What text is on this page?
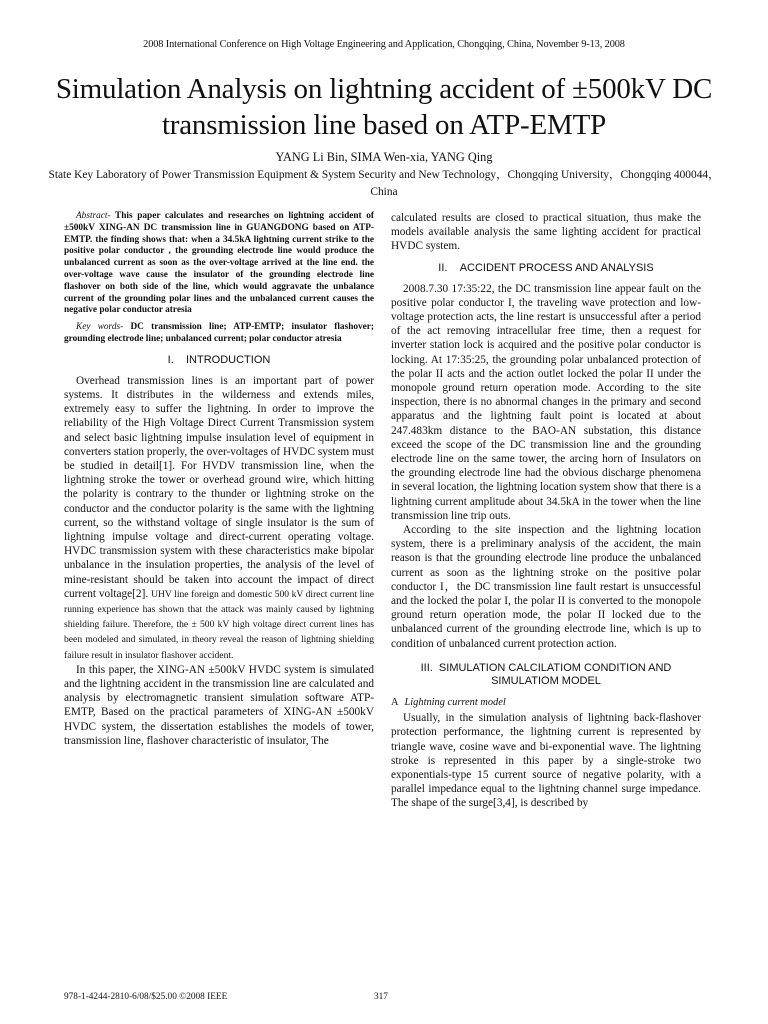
2008 International Conference on High Voltage Engineering and Application, Chongqing, China, November 9-13, 2008
Simulation Analysis on lightning accident of ±500kV DC transmission line based on ATP-EMTP
YANG Li Bin, SIMA Wen-xia, YANG Qing
State Key Laboratory of Power Transmission Equipment & System Security and New Technology，Chongqing University，Chongqing 400044，China

Abstract- This paper calculates and researches on lightning accident of ±500kV XING-AN DC transmission line in GUANGDONG based on ATP-EMTP. the finding shows that: when a 34.5kA lightning current strike to the positive polar conductor , the grounding electrode line would produce the unbalanced current as soon as the over-voltage arrived at the line end. the over-voltage wave cause the insulator of the grounding electrode line flashover on both side of the line, which would aggravate the unbalance current of the grounding polar lines and the unbalanced current causes the negative polar conductor atresia

Key words- DC transmission line; ATP-EMTP; insulator flashover; grounding electrode line; unbalanced current; polar conductor atresia

I.    INTRODUCTION

Overhead transmission lines is an important part of power systems. It distributes in the wilderness and extends miles, extremely easy to suffer the lightning. In order to improve the reliability of the High Voltage Direct Current Transmission system and select basic lightning impulse insulation level of equipment in converters station properly, the over-voltages of HVDC system must be studied in detail[1]. For HVDV transmission line, when the lightning stroke the tower or overhead ground wire, which hitting the polarity is contrary to the thunder or lightning stroke on the conductor and the conductor polarity is the same with the lightning current, so the withstand voltage of single insulator is the sum of lightning impulse voltage and direct-current operating voltage. HVDC transmission system with these characteristics make bipolar unbalance in the insulation properties, the analysis of the level of mine-resistant should be taken into account the impact of direct current voltage[2]. UHV line foreign and domestic 500 kV direct current line running experience has shown that the attack was mainly caused by lightning shielding failure. Therefore, the ± 500 kV high voltage direct current lines has been modeled and simulated, in theory reveal the reason of lightning shielding failure result in insulator flashover accident.

In this paper, the XING-AN ±500kV HVDC system is simulated and the lightning accident in the transmission line are calculated and analysis by electromagnetic transient simulation software ATP-EMTP, Based on the practical parameters of XING-AN ±500kV HVDC system, the dissertation establishes the models of tower, transmission line, flashover characteristic of insulator, The

calculated results are closed to practical situation, thus make the models available analysis the same lighting accident for practical HVDC system.

II.    ACCIDENT PROCESS AND ANALYSIS

2008.7.30 17:35:22, the DC transmission line appear fault on the positive polar conductor I, the traveling wave protection and low-voltage protection acts, the line restart is unsuccessful after a period of the act removing intracellular free time, then a request for inverter station lock is acquired and the positive polar conductor is locking. At 17:35:25, the grounding polar unbalanced protection of the polar II acts and the action outlet locked the polar II under the monopole ground return operation mode. According to the site inspection, there is no abnormal changes in the primary and second apparatus and the lightning fault point is located at about 247.483km distance to the BAO-AN substation, this distance exceed the scope of the DC transmission line and the grounding electrode line on the same tower, the arcing horn of Insulators on the grounding electrode line had the obvious discharge phenomena in several location, the lightning location system show that there is a lightning current amplitude about 34.5kA in the tower when the line transmission line trip outs.

According to the site inspection and the lightning location system, there is a preliminary analysis of the accident, the main reason is that the grounding electrode line produce the unbalanced current as soon as the lightning stroke on the positive polar conductor I，the DC transmission line fault restart is unsuccessful and the locked the polar I, the polar II is converted to the monopole ground return operation mode, the polar II locked due to the unbalanced current of the grounding electrode line, which is up to condition of unbalanced current protection action.

III.  SIMULATION CALCILATIOM CONDITION AND SIMULATIOM MODEL

A Lightning current model

Usually, in the simulation analysis of lightning back-flashover protection performance, the lightning current is represented by triangle wave, cosine wave and bi-exponential wave. The lightning stroke is represented in this paper by a single-stroke two exponentials-type 15 current source of negative polarity, with a parallel impedance equal to the lightning channel surge impedance. The shape of the surge[3,4], is described by

978-1-4244-2810-6/08/$25.00 ©2008 IEEE	317
